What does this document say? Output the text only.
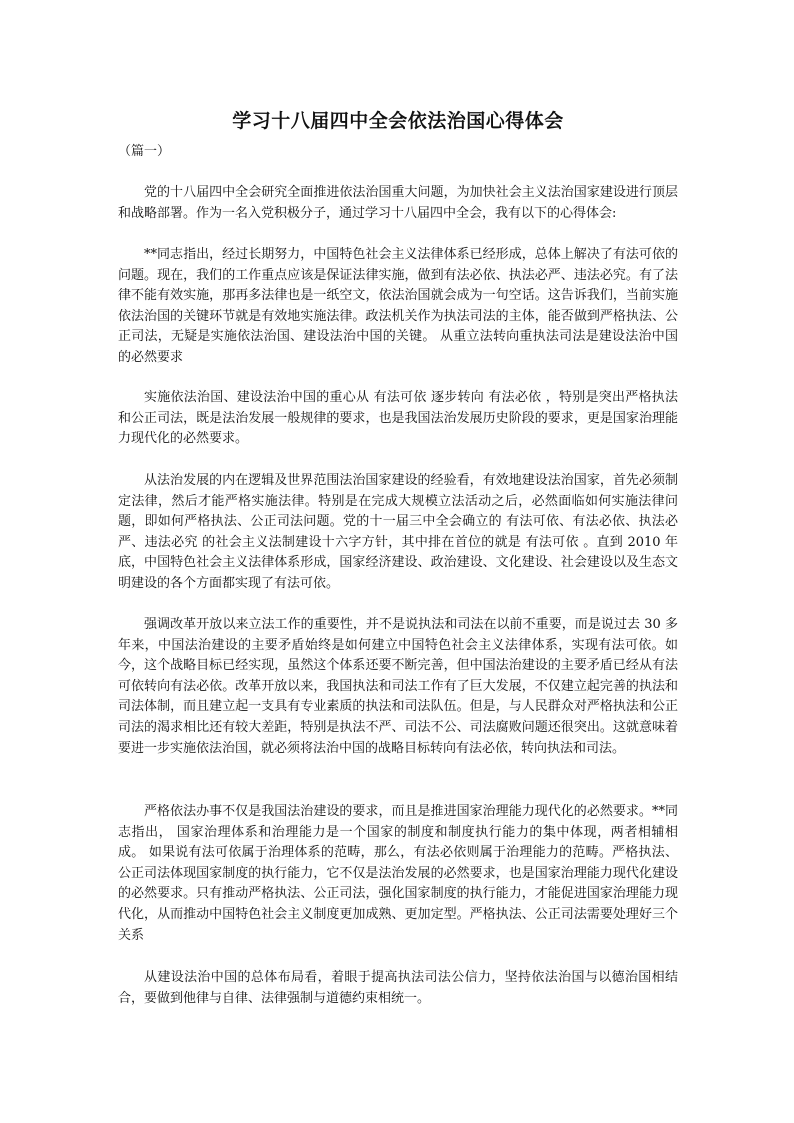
学习十八届四中全会依法治国心得体会

（篇一）

党的十八届四中全会研究全面推进依法治国重大问题，为加快社会主义法治国家建设进行顶层和战略部署。作为一名入党积极分子，通过学习十八届四中全会，我有以下的心得体会:

**同志指出，经过长期努力，中国特色社会主义法律体系已经形成，总体上解决了有法可依的问题。现在，我们的工作重点应该是保证法律实施，做到有法必依、执法必严、违法必究。有了法律不能有效实施，那再多法律也是一纸空文，依法治国就会成为一句空话。这告诉我们，当前实施依法治国的关键环节就是有效地实施法律。政法机关作为执法司法的主体，能否做到严格执法、公正司法，无疑是实施依法治国、建设法治中国的关键。 从重立法转向重执法司法是建设法治中国的必然要求

实施依法治国、建设法治中国的重心从 有法可依 逐步转向 有法必依 ，特别是突出严格执法和公正司法，既是法治发展一般规律的要求，也是我国法治发展历史阶段的要求，更是国家治理能力现代化的必然要求。

从法治发展的内在逻辑及世界范围法治国家建设的经验看，有效地建设法治国家，首先必须制定法律，然后才能严格实施法律。特别是在完成大规模立法活动之后，必然面临如何实施法律问题，即如何严格执法、公正司法问题。党的十一届三中全会确立的 有法可依、有法必依、执法必严、违法必究 的社会主义法制建设十六字方针，其中排在首位的就是 有法可依 。直到 2010 年底，中国特色社会主义法律体系形成，国家经济建设、政治建设、文化建设、社会建设以及生态文明建设的各个方面都实现了有法可依。

强调改革开放以来立法工作的重要性，并不是说执法和司法在以前不重要，而是说过去 30 多年来，中国法治建设的主要矛盾始终是如何建立中国特色社会主义法律体系，实现有法可依。如今，这个战略目标已经实现，虽然这个体系还要不断完善，但中国法治建设的主要矛盾已经从有法可依转向有法必依。改革开放以来，我国执法和司法工作有了巨大发展，不仅建立起完善的执法和司法体制，而且建立起一支具有专业素质的执法和司法队伍。但是，与人民群众对严格执法和公正司法的渴求相比还有较大差距，特别是执法不严、司法不公、司法腐败问题还很突出。这就意味着要进一步实施依法治国，就必须将法治中国的战略目标转向有法必依，转向执法和司法。

严格依法办事不仅是我国法治建设的要求，而且是推进国家治理能力现代化的必然要求。**同志指出， 国家治理体系和治理能力是一个国家的制度和制度执行能力的集中体现，两者相辅相成。 如果说有法可依属于治理体系的范畴，那么，有法必依则属于治理能力的范畴。严格执法、公正司法体现国家制度的执行能力，它不仅是法治发展的必然要求，也是国家治理能力现代化建设的必然要求。只有推动严格执法、公正司法，强化国家制度的执行能力，才能促进国家治理能力现代化，从而推动中国特色社会主义制度更加成熟、更加定型。严格执法、公正司法需要处理好三个关系

从建设法治中国的总体布局看，着眼于提高执法司法公信力，坚持依法治国与以德治国相结合，要做到他律与自律、法律强制与道德约束相统一。
